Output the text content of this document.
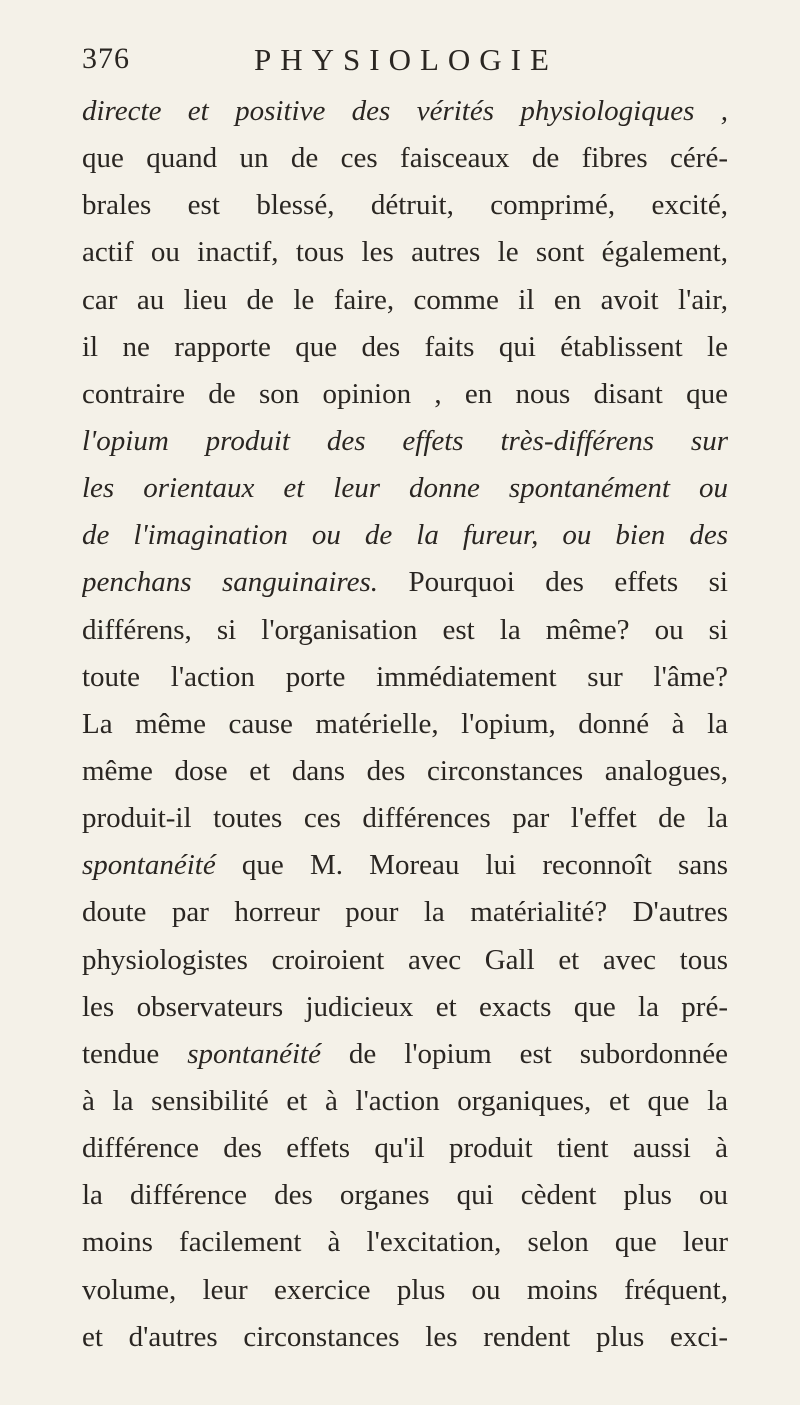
376	PHYSIOLOGIE
directe et positive des vérités physiologiques ,
que quand un de ces faisceaux de fibres céré-
brales est blessé, détruit, comprimé, excité,
actif ou inactif, tous les autres le sont également,
car au lieu de le faire, comme il en avoit l'air,
il ne rapporte que des faits qui établissent le
contraire de son opinion , en nous disant que
l'opium produit des effets très-différens sur
les orientaux et leur donne spontanément ou
de l'imagination ou de la fureur, ou bien des
penchans sanguinaires. Pourquoi des effets si
différens, si l'organisation est la même? ou si
toute l'action porte immédiatement sur l'âme?
La même cause matérielle, l'opium, donné à la
même dose et dans des circonstances analogues,
produit-il toutes ces différences par l'effet de la
spontanéité que M. Moreau lui reconnoît sans
doute par horreur pour la matérialité? D'autres
physiologistes croiroient avec Gall et avec tous
les observateurs judicieux et exacts que la pré-
tendue spontanéité de l'opium est subordonnée
à la sensibilité et à l'action organiques, et que la
différence des effets qu'il produit tient aussi à
la différence des organes qui cèdent plus ou
moins facilement à l'excitation, selon que leur
volume, leur exercice plus ou moins fréquent,
et d'autres circonstances les rendent plus exci-
